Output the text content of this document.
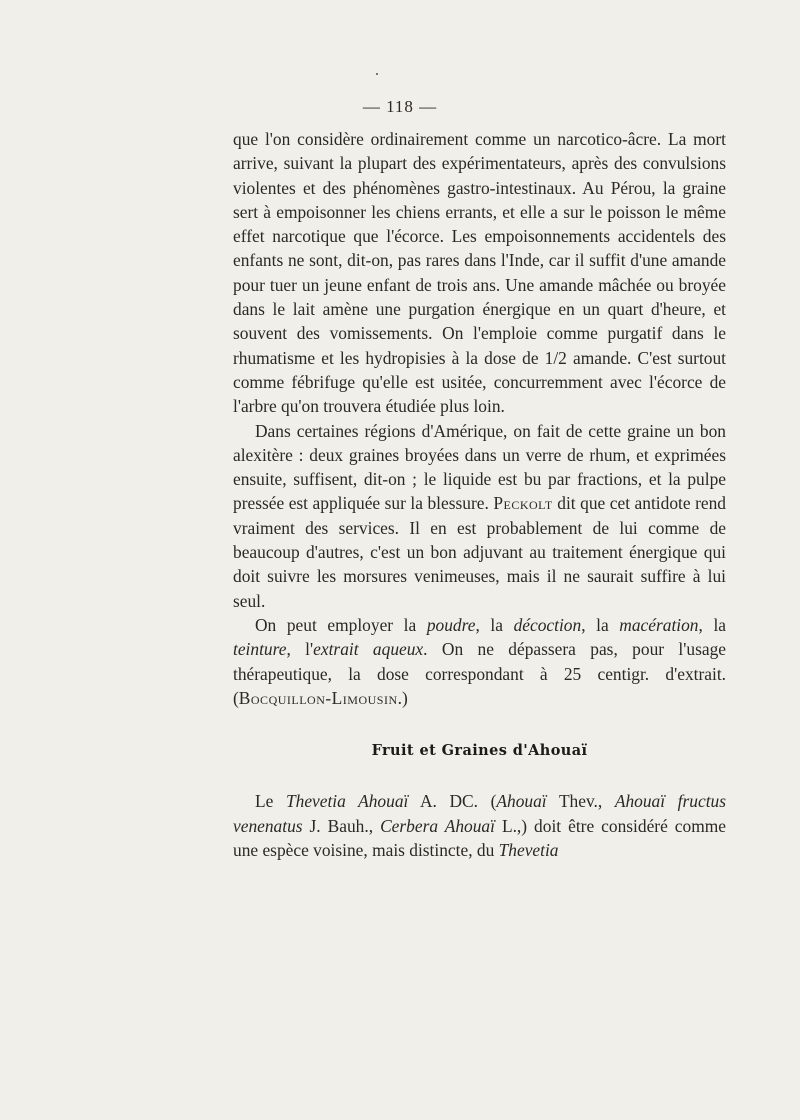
— 118 —

que l'on considère ordinairement comme un narcotico-âcre. La mort arrive, suivant la plupart des expérimentateurs, après des convulsions violentes et des phénomènes gastro-intestinaux. Au Pérou, la graine sert à empoisonner les chiens errants, et elle a sur le poisson le même effet narcotique que l'écorce. Les empoisonnements accidentels des enfants ne sont, dit-on, pas rares dans l'Inde, car il suffit d'une amande pour tuer un jeune enfant de trois ans. Une amande mâchée ou broyée dans le lait amène une purgation énergique en un quart d'heure, et souvent des vomissements. On l'emploie comme purgatif dans le rhumatisme et les hydropisies à la dose de 1/2 amande. C'est surtout comme fébrifuge qu'elle est usitée, concurremment avec l'écorce de l'arbre qu'on trouvera étudiée plus loin.

Dans certaines régions d'Amérique, on fait de cette graine un bon alexitère : deux graines broyées dans un verre de rhum, et exprimées ensuite, suffisent, dit-on ; le liquide est bu par fractions, et la pulpe pressée est appliquée sur la blessure. Peckolt dit que cet antidote rend vraiment des services. Il en est probablement de lui comme de beaucoup d'autres, c'est un bon adjuvant au traitement énergique qui doit suivre les morsures venimeuses, mais il ne saurait suffire à lui seul.

On peut employer la poudre, la décoction, la macération, la teinture, l'extrait aqueux. On ne dépassera pas, pour l'usage thérapeutique, la dose correspondant à 25 centigr. d'extrait. (Bocquillon-Limousin.)

Fruit et Graines d'Ahouaï

Le Thevetia Ahouaï A. DC. (Ahouaï Thev., Ahouaï fructus venenatus J. Bauh., Cerbera Ahouaï L.,) doit être considéré comme une espèce voisine, mais distincte, du Thevetia
